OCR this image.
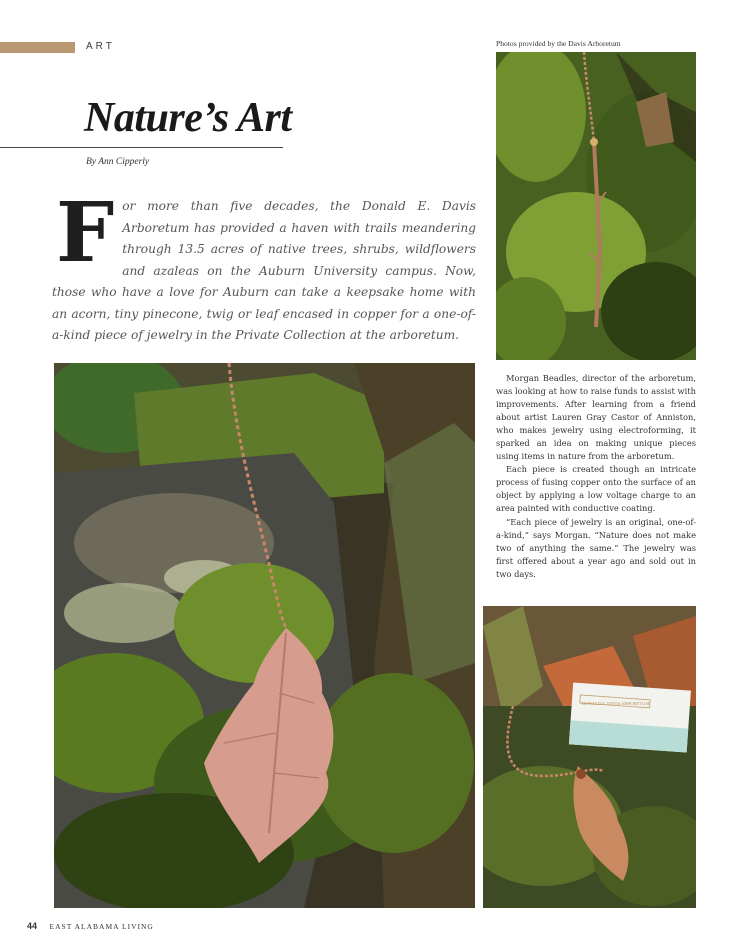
ART
Nature’s Art
By Ann Cipperly
For more than five decades, the Donald E. Davis Arboretum has provided a haven with trails meandering through 13.5 acres of native trees, shrubs, wildflowers and azaleas on the Auburn University campus. Now, those who have a love for Auburn can take a keepsake home with an acorn, tiny pinecone, twig or leaf encased in copper for a one-of-a-kind piece of jewelry in the Private Collection at the arboretum.
Photos provided by the Davis Arboretum

Morgan Beadles, director of the arboretum, was looking at how to raise funds to assist with improvements. After learning from a friend about artist Lauren Gray Castor of Anniston, who makes jewelry using electroforming, it sparked an idea on making unique pieces using items in nature from the arboretum.

Each piece is created though an intricate process of fusing copper onto the surface of an object by applying a low voltage charge to an area painted with conductive coating.

“Each piece of jewelry is an original, one-of-a-kind,” says Morgan. “Nature does not make two of anything the same.” The jewelry was first offered about a year ago and sold out in two days.

DONALD E. DAVIS ARBORETUM
44 EAST ALABAMA LIVING
